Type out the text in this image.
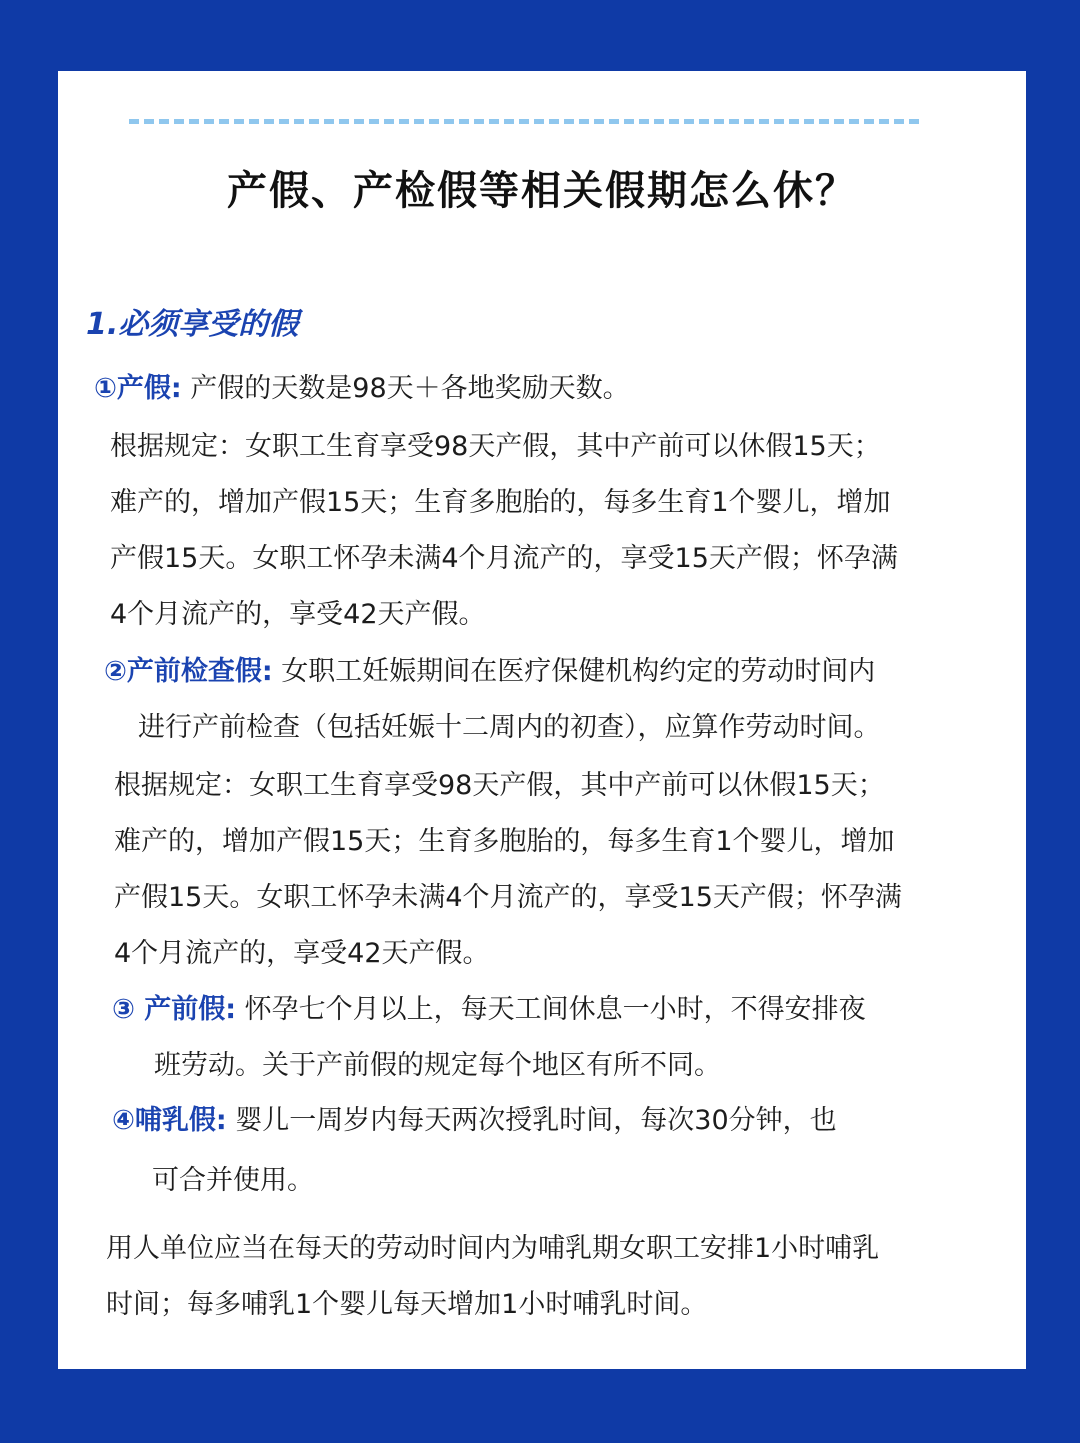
产假、产检假等相关假期怎么休？
1.必须享受的假
①产假: 产假的天数是98天＋各地奖励天数。
根据规定：女职工生育享受98天产假，其中产前可以休假15天；
难产的，增加产假15天；生育多胞胎的，每多生育1个婴儿，增加
产假15天。女职工怀孕未满4个月流产的，享受15天产假；怀孕满
4个月流产的，享受42天产假。
②产前检查假: 女职工妊娠期间在医疗保健机构约定的劳动时间内
进行产前检查（包括妊娠十二周内的初查），应算作劳动时间。
根据规定：女职工生育享受98天产假，其中产前可以休假15天；
难产的，增加产假15天；生育多胞胎的，每多生育1个婴儿，增加
产假15天。女职工怀孕未满4个月流产的，享受15天产假；怀孕满
4个月流产的，享受42天产假。
③ 产前假: 怀孕七个月以上，每天工间休息一小时，不得安排夜
班劳动。关于产前假的规定每个地区有所不同。
④哺乳假: 婴儿一周岁内每天两次授乳时间，每次30分钟，也
可合并使用。
用人单位应当在每天的劳动时间内为哺乳期女职工安排1小时哺乳
时间；每多哺乳1个婴儿每天增加1小时哺乳时间。
